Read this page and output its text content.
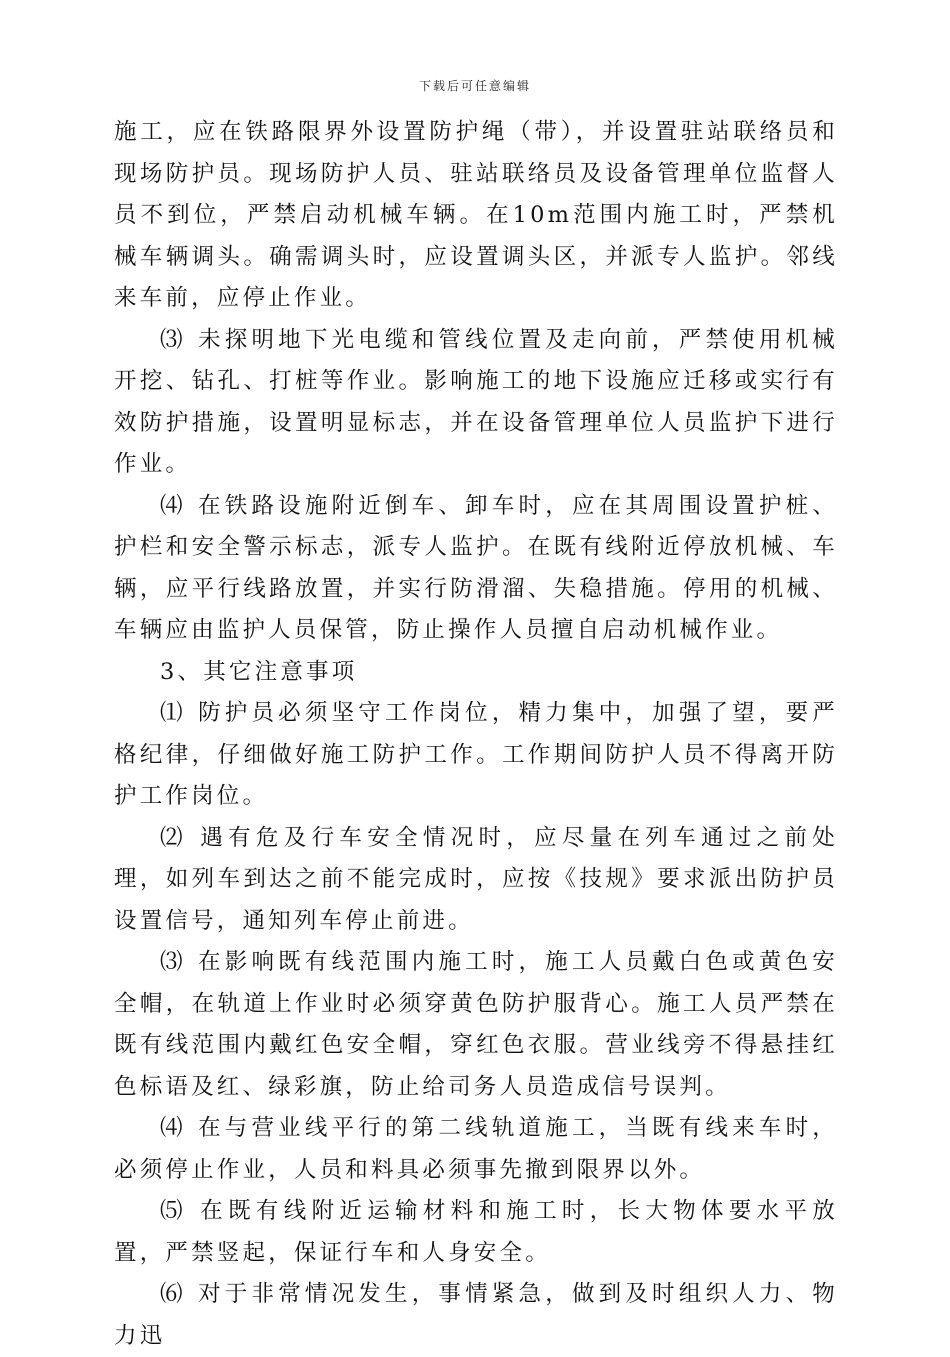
下载后可任意编辑

施工，应在铁路限界外设置防护绳（带），并设置驻站联络员和现场防护员。现场防护人员、驻站联络员及设备管理单位监督人员不到位，严禁启动机械车辆。在10m范围内施工时，严禁机械车辆调头。确需调头时，应设置调头区，并派专人监护。邻线来车前，应停止作业。

⑶ 未探明地下光电缆和管线位置及走向前，严禁使用机械开挖、钻孔、打桩等作业。影响施工的地下设施应迁移或实行有效防护措施，设置明显标志，并在设备管理单位人员监护下进行作业。

⑷ 在铁路设施附近倒车、卸车时，应在其周围设置护桩、护栏和安全警示标志，派专人监护。在既有线附近停放机械、车辆，应平行线路放置，并实行防滑溜、失稳措施。停用的机械、车辆应由监护人员保管，防止操作人员擅自启动机械作业。

3、其它注意事项

⑴ 防护员必须坚守工作岗位，精力集中，加强了望，要严格纪律，仔细做好施工防护工作。工作期间防护人员不得离开防护工作岗位。

⑵ 遇有危及行车安全情况时，应尽量在列车通过之前处理，如列车到达之前不能完成时，应按《技规》要求派出防护员设置信号，通知列车停止前进。

⑶ 在影响既有线范围内施工时，施工人员戴白色或黄色安全帽，在轨道上作业时必须穿黄色防护服背心。施工人员严禁在既有线范围内戴红色安全帽，穿红色衣服。营业线旁不得悬挂红色标语及红、绿彩旗，防止给司务人员造成信号误判。

⑷ 在与营业线平行的第二线轨道施工，当既有线来车时，必须停止作业，人员和料具必须事先撤到限界以外。

⑸ 在既有线附近运输材料和施工时，长大物体要水平放置，严禁竖起，保证行车和人身安全。

⑹ 对于非常情况发生，事情紧急，做到及时组织人力、物力迅
